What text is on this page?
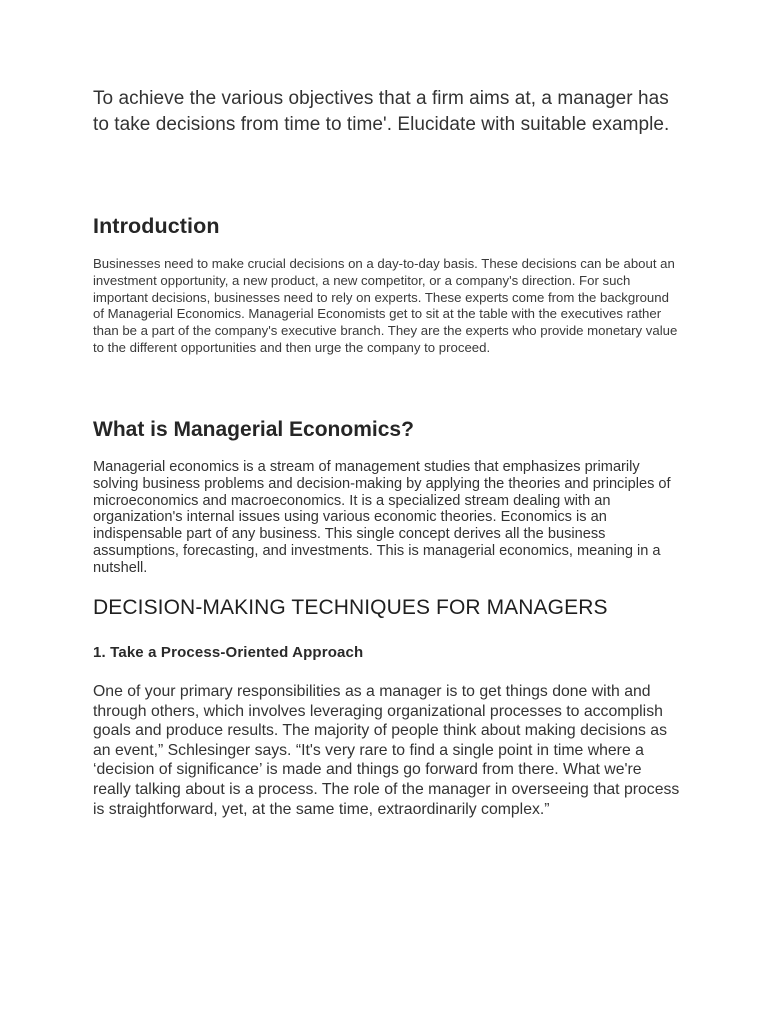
To achieve the various objectives that a firm aims at, a manager has to take decisions from time to time'. Elucidate with suitable example.

Introduction

Businesses need to make crucial decisions on a day-to-day basis. These decisions can be about an investment opportunity, a new product, a new competitor, or a company's direction. For such important decisions, businesses need to rely on experts. These experts come from the background of Managerial Economics. Managerial Economists get to sit at the table with the executives rather than be a part of the company's executive branch. They are the experts who provide monetary value to the different opportunities and then urge the company to proceed.

What is Managerial Economics?

Managerial economics is a stream of management studies that emphasizes primarily solving business problems and decision-making by applying the theories and principles of microeconomics and macroeconomics. It is a specialized stream dealing with an organization's internal issues using various economic theories. Economics is an indispensable part of any business. This single concept derives all the business assumptions, forecasting, and investments. This is managerial economics, meaning in a nutshell.

DECISION-MAKING TECHNIQUES FOR MANAGERS
1. Take a Process-Oriented Approach

One of your primary responsibilities as a manager is to get things done with and through others, which involves leveraging organizational processes to accomplish goals and produce results. The majority of people think about making decisions as an event,” Schlesinger says. “It's very rare to find a single point in time where a ‘decision of significance’ is made and things go forward from there. What we're really talking about is a process. The role of the manager in overseeing that process is straightforward, yet, at the same time, extraordinarily complex.”
